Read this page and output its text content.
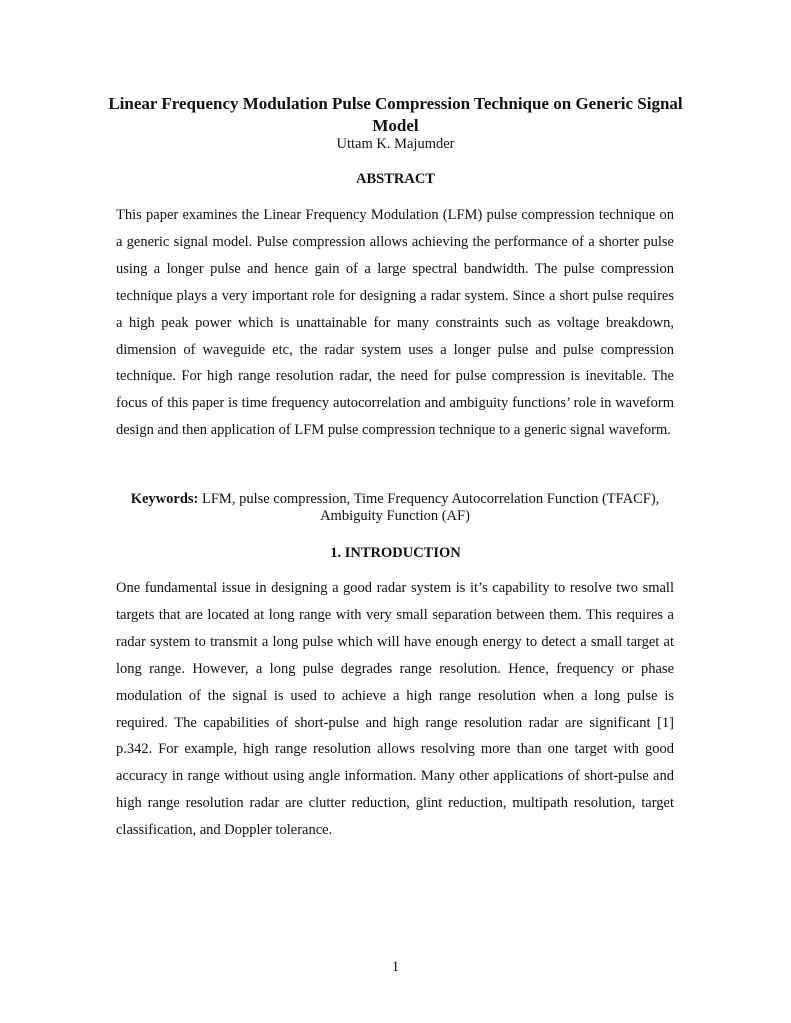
Linear Frequency Modulation Pulse Compression Technique on Generic Signal Model

Uttam K. Majumder

ABSTRACT

This paper examines the Linear Frequency Modulation (LFM) pulse compression technique on a generic signal model. Pulse compression allows achieving the performance of a shorter pulse using a longer pulse and hence gain of a large spectral bandwidth. The pulse compression technique plays a very important role for designing a radar system. Since a short pulse requires a high peak power which is unattainable for many constraints such as voltage breakdown, dimension of waveguide etc, the radar system uses a longer pulse and pulse compression technique. For high range resolution radar, the need for pulse compression is inevitable. The focus of this paper is time frequency autocorrelation and ambiguity functions’ role in waveform design and then application of LFM pulse compression technique to a generic signal waveform.

Keywords: LFM, pulse compression, Time Frequency Autocorrelation Function (TFACF), Ambiguity Function (AF)

1. INTRODUCTION

One fundamental issue in designing a good radar system is it’s capability to resolve two small targets that are located at long range with very small separation between them. This requires a radar system to transmit a long pulse which will have enough energy to detect a small target at long range. However, a long pulse degrades range resolution. Hence, frequency or phase modulation of the signal is used to achieve a high range resolution when a long pulse is required. The capabilities of short-pulse and high range resolution radar are significant [1] p.342. For example, high range resolution allows resolving more than one target with good accuracy in range without using angle information. Many other applications of short-pulse and high range resolution radar are clutter reduction, glint reduction, multipath resolution, target classification, and Doppler tolerance.

1
